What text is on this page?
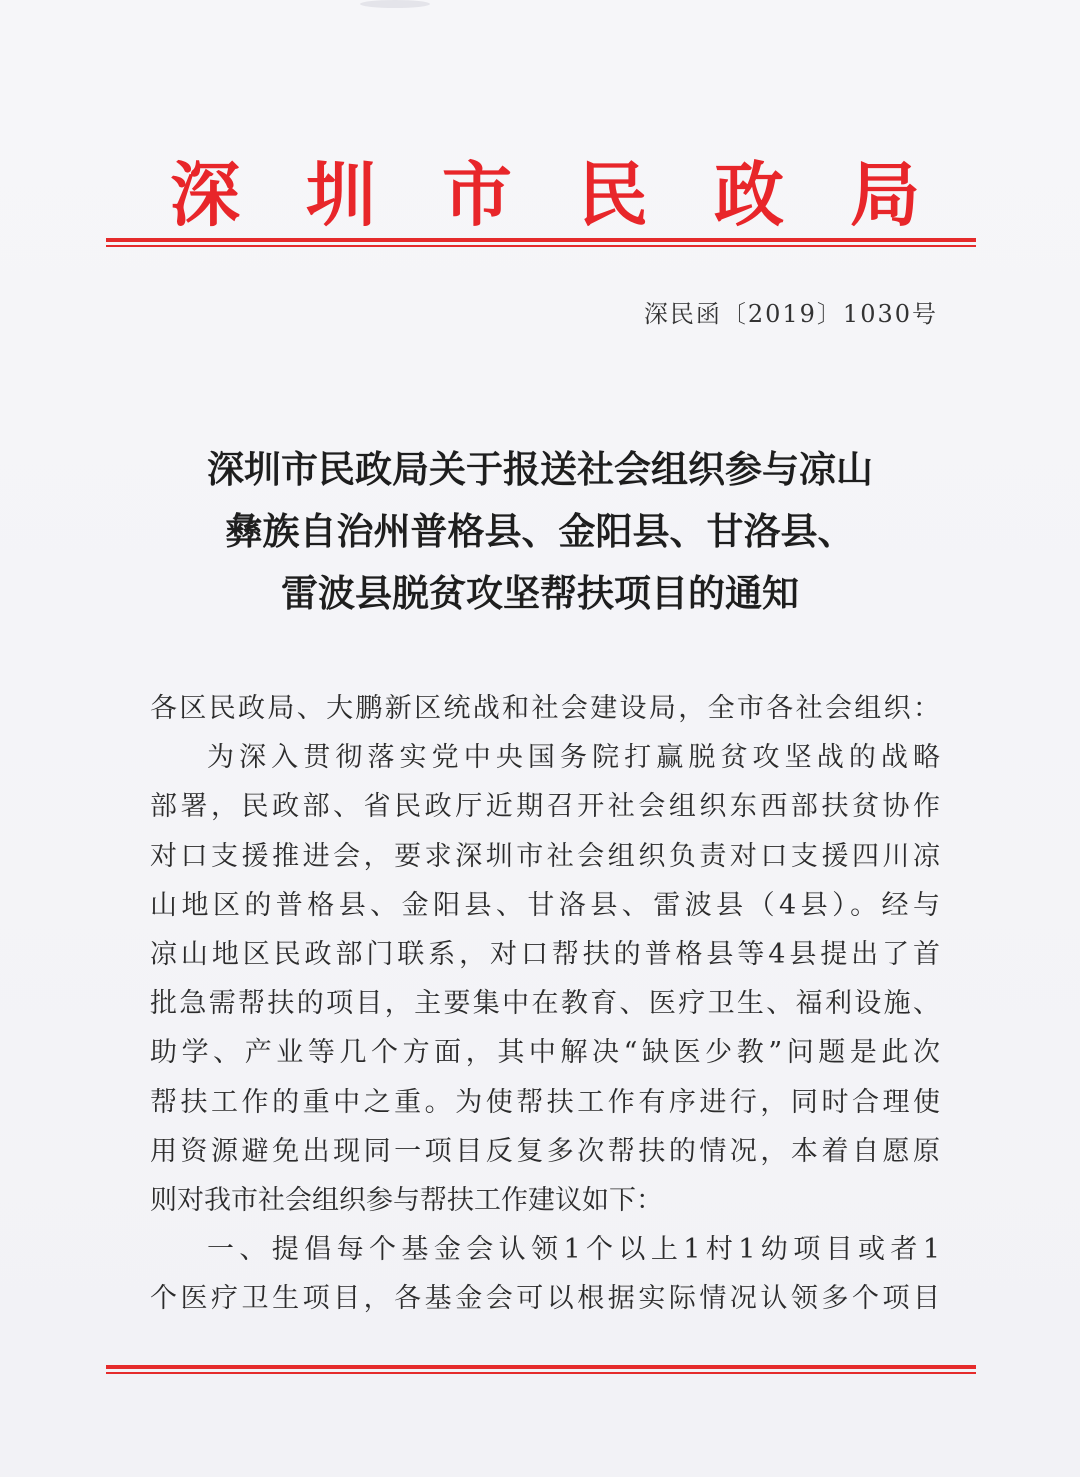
深 圳 市 民 政 局
深民函〔2019〕1030号
深圳市民政局关于报送社会组织参与凉山
彝族自治州普格县、金阳县、甘洛县、
雷波县脱贫攻坚帮扶项目的通知
各区民政局、大鹏新区统战和社会建设局，全市各社会组织：
为深入贯彻落实党中央国务院打赢脱贫攻坚战的战略
部署，民政部、省民政厅近期召开社会组织东西部扶贫协作
对口支援推进会，要求深圳市社会组织负责对口支援四川凉
山地区的普格县、金阳县、甘洛县、雷波县（4县）。经与
凉山地区民政部门联系，对口帮扶的普格县等4县提出了首
批急需帮扶的项目，主要集中在教育、医疗卫生、福利设施、
助学、产业等几个方面，其中解决“缺医少教”问题是此次
帮扶工作的重中之重。为使帮扶工作有序进行，同时合理使
用资源避免出现同一项目反复多次帮扶的情况，本着自愿原
则对我市社会组织参与帮扶工作建议如下：
一、提倡每个基金会认领1个以上1村1幼项目或者1
个医疗卫生项目，各基金会可以根据实际情况认领多个项目
